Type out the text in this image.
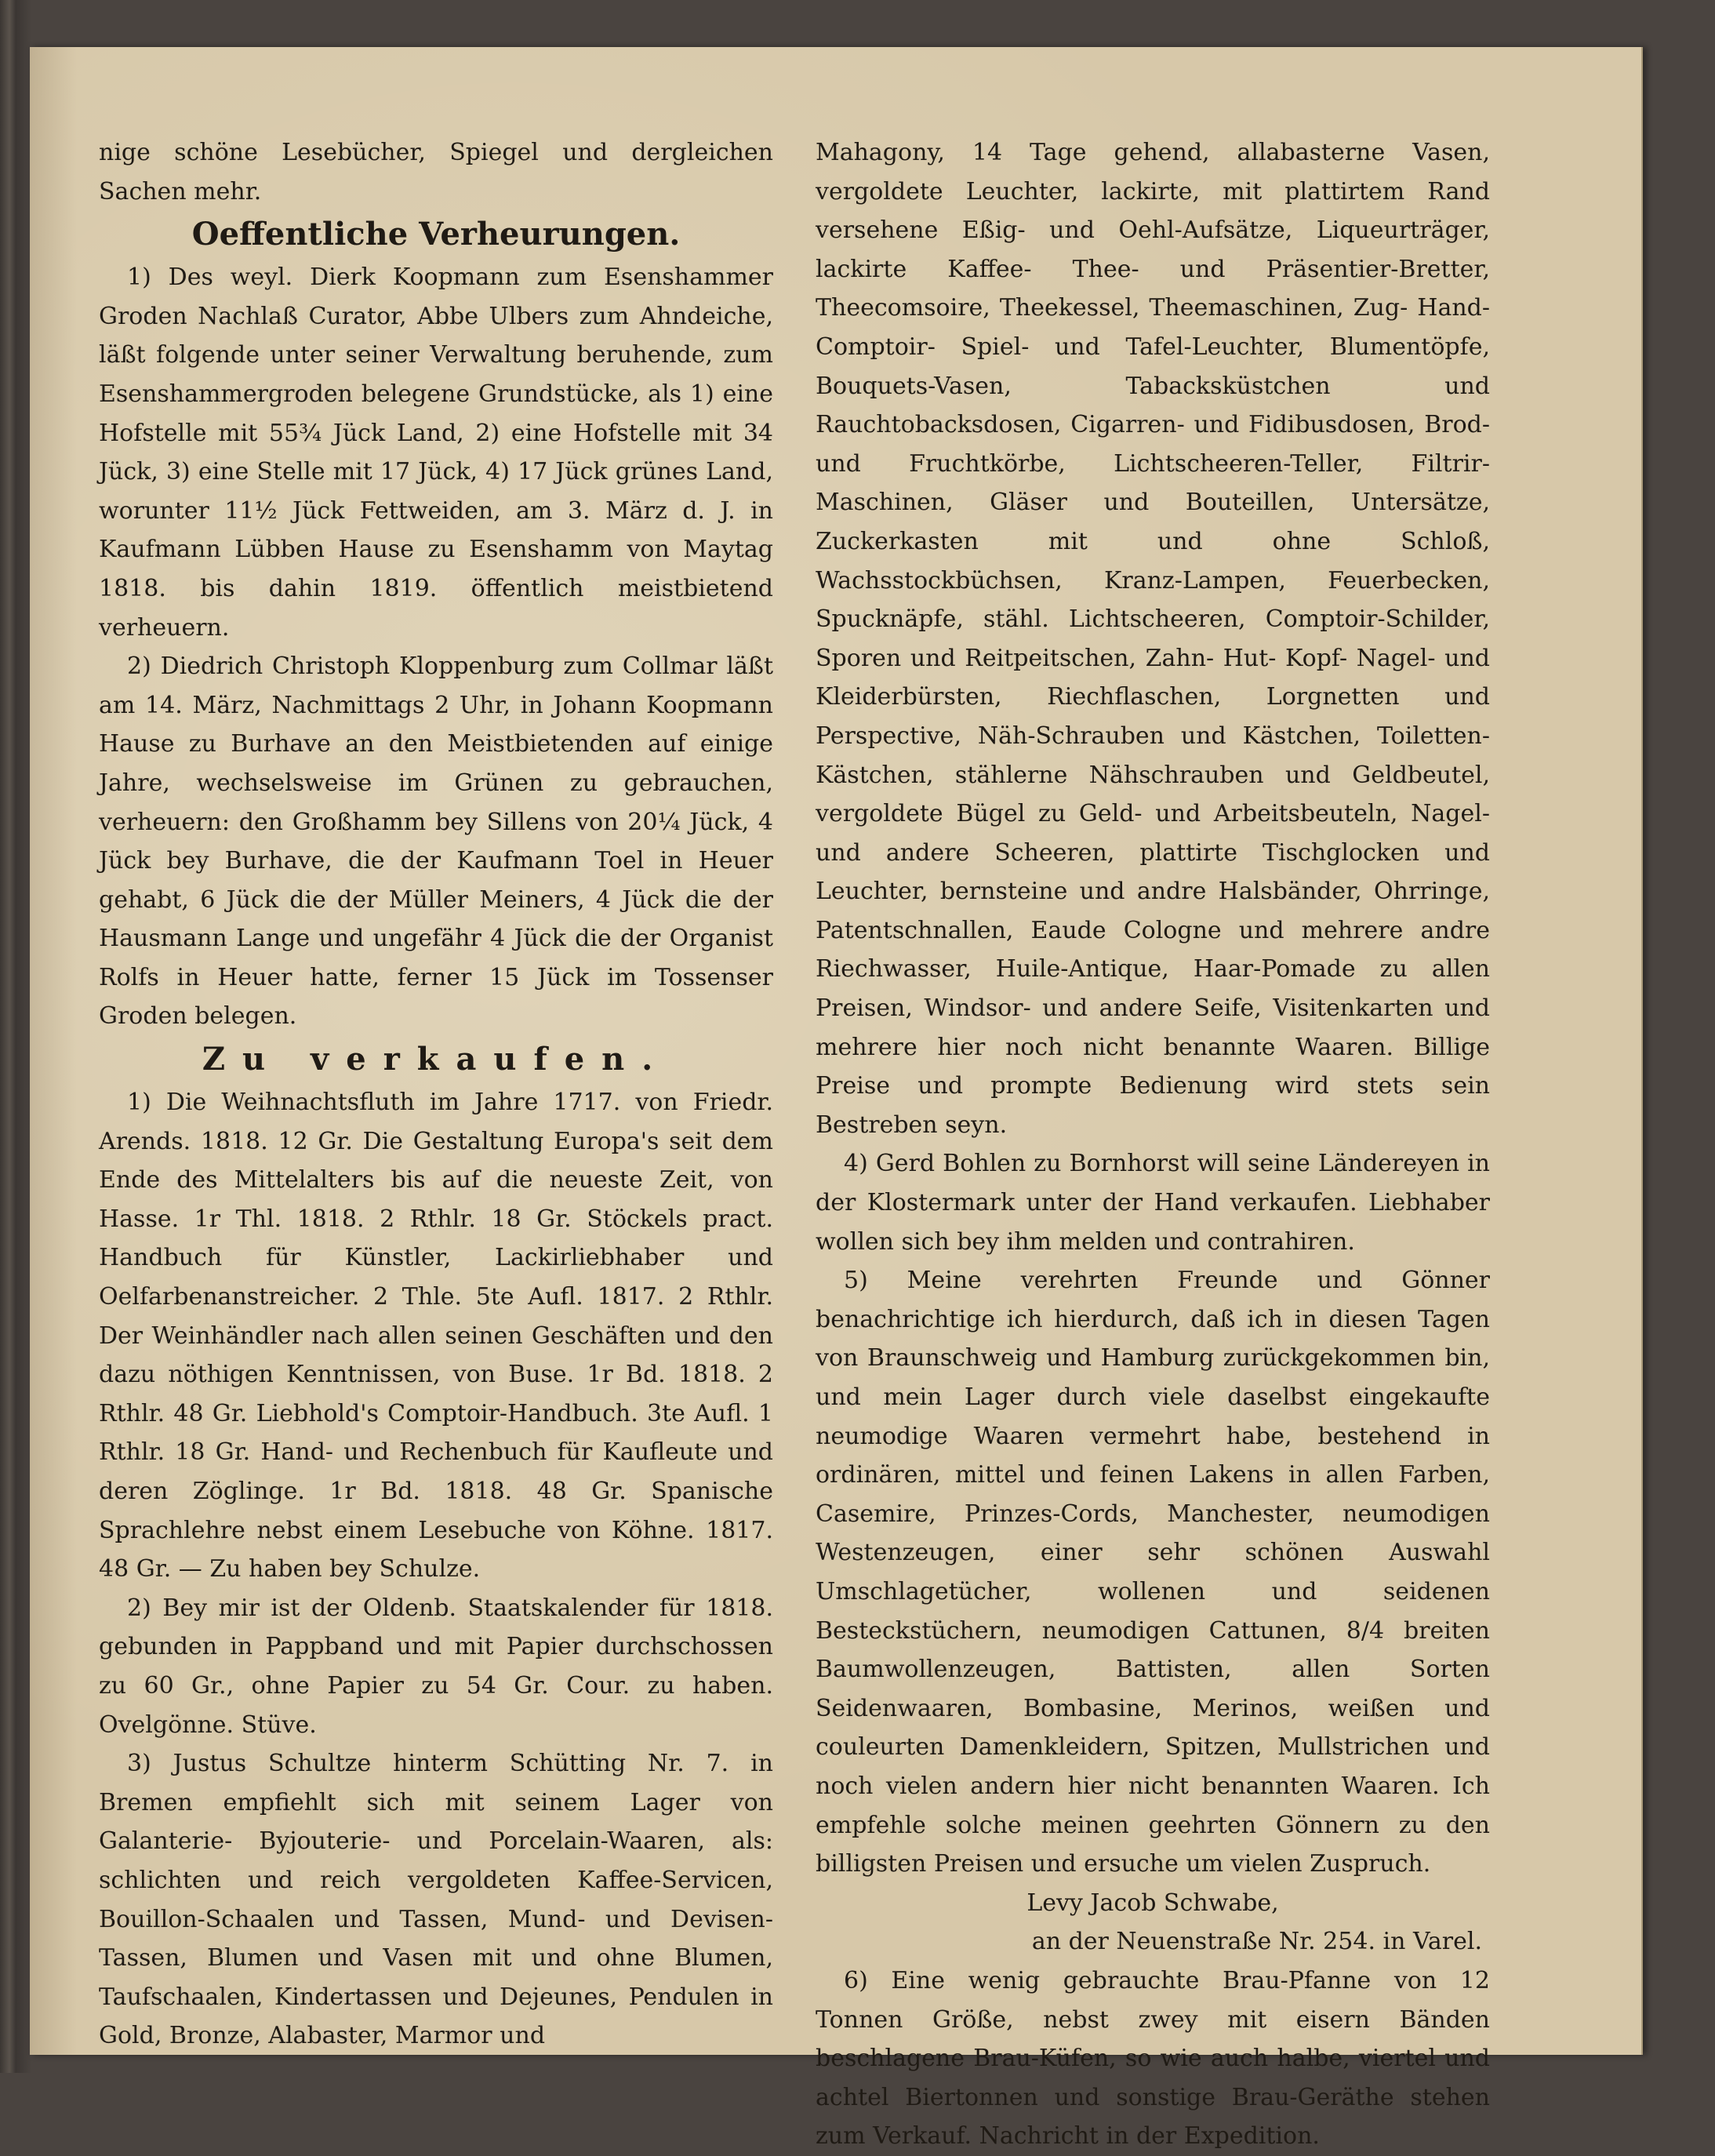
nige schöne Lesebücher, Spiegel und dergleichen Sachen mehr.

Oeffentliche Verheurungen.

1) Des weyl. Dierk Koopmann zum Esenshammer Groden Nachlaß Curator, Abbe Ulbers zum Ahndeiche, läßt folgende unter seiner Verwaltung beruhende, zum Esenshammergroden belegene Grundstücke, als 1) eine Hofstelle mit 55¾ Jück Land, 2) eine Hofstelle mit 34 Jück, 3) eine Stelle mit 17 Jück, 4) 17 Jück grünes Land, worunter 11½ Jück Fettweiden, am 3. März d. J. in Kaufmann Lübben Hause zu Esenshamm von Maytag 1818. bis dahin 1819. öffentlich meistbietend verheuern.

2) Diedrich Christoph Kloppenburg zum Collmar läßt am 14. März, Nachmittags 2 Uhr, in Johann Koopmann Hause zu Burhave an den Meistbietenden auf einige Jahre, wechselsweise im Grünen zu gebrauchen, verheuern: den Großhamm bey Sillens von 20¼ Jück, 4 Jück bey Burhave, die der Kaufmann Toel in Heuer gehabt, 6 Jück die der Müller Meiners, 4 Jück die der Hausmann Lange und ungefähr 4 Jück die der Organist Rolfs in Heuer hatte, ferner 15 Jück im Tossenser Groden belegen.

Zu verkaufen.

1) Die Weihnachtsfluth im Jahre 1717. von Friedr. Arends. 1818. 12 Gr. Die Gestaltung Europa's seit dem Ende des Mittelalters bis auf die neueste Zeit, von Hasse. 1r Thl. 1818. 2 Rthlr. 18 Gr. Stöckels pract. Handbuch für Künstler, Lackirliebhaber und Oelfarbenanstreicher. 2 Thle. 5te Aufl. 1817. 2 Rthlr. Der Weinhändler nach allen seinen Geschäften und den dazu nöthigen Kenntnissen, von Buse. 1r Bd. 1818. 2 Rthlr. 48 Gr. Liebhold's Comptoir-Handbuch. 3te Aufl. 1 Rthlr. 18 Gr. Hand- und Rechenbuch für Kaufleute und deren Zöglinge. 1r Bd. 1818. 48 Gr. Spanische Sprachlehre nebst einem Lesebuche von Köhne. 1817. 48 Gr. — Zu haben bey Schulze.

2) Bey mir ist der Oldenb. Staatskalender für 1818. gebunden in Pappband und mit Papier durchschossen zu 60 Gr., ohne Papier zu 54 Gr. Cour. zu haben. Ovelgönne. Stüve.

3) Justus Schultze hinterm Schütting Nr. 7. in Bremen empfiehlt sich mit seinem Lager von Galanterie- Byjouterie- und Porcelain-Waaren, als: schlichten und reich vergoldeten Kaffee-Servicen, Bouillon-Schaalen und Tassen, Mund- und Devisen-Tassen, Blumen und Vasen mit und ohne Blumen, Taufschaalen, Kindertassen und Dejeunes, Pendulen in Gold, Bronze, Alabaster, Marmor und

Mahagony, 14 Tage gehend, allabasterne Vasen, vergoldete Leuchter, lackirte, mit plattirtem Rand versehene Eßig- und Oehl-Aufsätze, Liqueurträger, lackirte Kaffee- Thee- und Präsentier-Bretter, Theecomsoire, Theekessel, Theemaschinen, Zug- Hand- Comptoir- Spiel- und Tafel-Leuchter, Blumentöpfe, Bouquets-Vasen, Tabacksküstchen und Rauchtobacksdosen, Cigarren- und Fidibusdosen, Brod- und Fruchtkörbe, Lichtscheeren-Teller, Filtrir-Maschinen, Gläser und Bouteillen, Untersätze, Zuckerkasten mit und ohne Schloß, Wachsstockbüchsen, Kranz-Lampen, Feuerbecken, Spucknäpfe, stähl. Lichtscheeren, Comptoir-Schilder, Sporen und Reitpeitschen, Zahn- Hut- Kopf- Nagel- und Kleiderbürsten, Riechflaschen, Lorgnetten und Perspective, Näh-Schrauben und Kästchen, Toiletten-Kästchen, stählerne Nähschrauben und Geldbeutel, vergoldete Bügel zu Geld- und Arbeitsbeuteln, Nagel- und andere Scheeren, plattirte Tischglocken und Leuchter, bernsteine und andre Halsbänder, Ohrringe, Patentschnallen, Eaude Cologne und mehrere andre Riechwasser, Huile-Antique, Haar-Pomade zu allen Preisen, Windsor- und andere Seife, Visitenkarten und mehrere hier noch nicht benannte Waaren. Billige Preise und prompte Bedienung wird stets sein Bestreben seyn.

4) Gerd Bohlen zu Bornhorst will seine Ländereyen in der Klostermark unter der Hand verkaufen. Liebhaber wollen sich bey ihm melden und contrahiren.

5) Meine verehrten Freunde und Gönner benachrichtige ich hierdurch, daß ich in diesen Tagen von Braunschweig und Hamburg zurückgekommen bin, und mein Lager durch viele daselbst eingekaufte neumodige Waaren vermehrt habe, bestehend in ordinären, mittel und feinen Lakens in allen Farben, Casemire, Prinzes-Cords, Manchester, neumodigen Westenzeugen, einer sehr schönen Auswahl Umschlagetücher, wollenen und seidenen Besteckstüchern, neumodigen Cattunen, 8/4 breiten Baumwollenzeugen, Battisten, allen Sorten Seidenwaaren, Bombasine, Merinos, weißen und coulеurten Damenkleidern, Spitzen, Mullstrichen und noch vielen andern hier nicht benannten Waaren. Ich empfehle solche meinen geehrten Gönnern zu den billigsten Preisen und ersuche um vielen Zuspruch.

Levy Jacob Schwabe,

an der Neuenstraße Nr. 254. in Varel.

6) Eine wenig gebrauchte Brau-Pfanne von 12 Tonnen Größe, nebst zwey mit eisern Bänden beschlagene Brau-Küfen, so wie auch halbe, viertel und achtel Biertonnen und sonstige Brau-Geräthe stehen zum Verkauf. Nachricht in der Expedition.
